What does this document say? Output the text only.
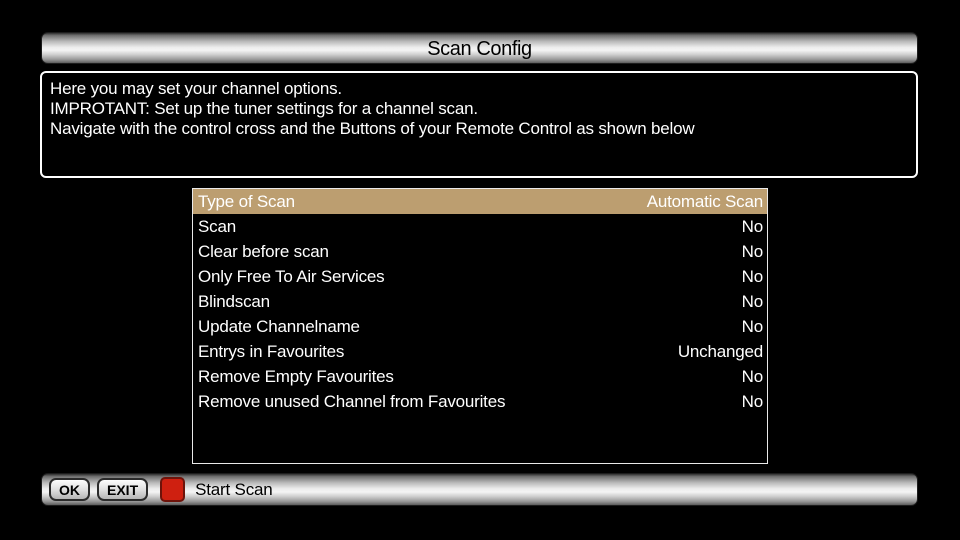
Scan Config
Here you may set your channel options.
IMPROTANT: Set up the tuner settings for a channel scan.
Navigate with the control cross and the Buttons of your Remote Control as shown below
Type of Scan	Automatic Scan
Scan	No
Clear before scan	No
Only Free To Air Services	No
Blindscan	No
Update Channelname	No
Entrys in Favourites	Unchanged
Remove Empty Favourites	No
Remove unused Channel from Favourites	No
OK EXIT	Start Scan
